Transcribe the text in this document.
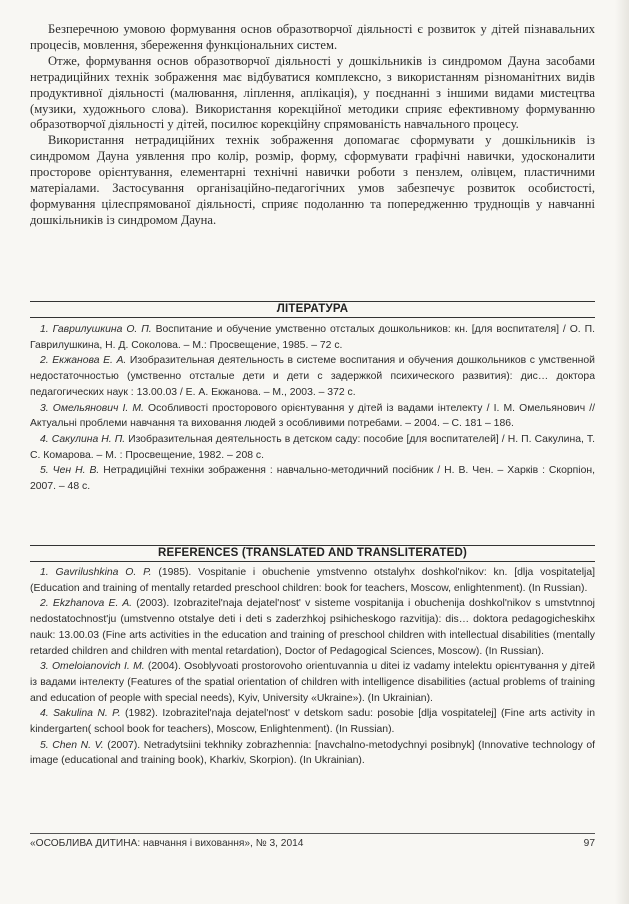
Безперечною умовою формування основ образотворчої діяльності є розвиток у дітей пізнавальних процесів, мовлення, збереження функціональних систем.

Отже, формування основ образотворчої діяльності у дошкільників із синдромом Дауна засобами нетрадиційних технік зображення має відбуватися комплексно, з використанням різноманітних видів продуктивної діяльності (малювання, ліплення, аплікація), у поєднанні з іншими видами мистецтва (музики, художнього слова). Використання корекційної методики сприяє ефективному формуванню образотворчої діяльності у дітей, посилює корекційну спрямованість навчального процесу.

Використання нетрадиційних технік зображення допомагає сформувати у дошкільників із синдромом Дауна уявлення про колір, розмір, форму, сформувати графічні навички, удосконалити просторове орієнтування, елементарні технічні навички роботи з пензлем, олівцем, пластичними матеріалами. Застосування організаційно-педагогічних умов забезпечує розвиток особистості, формування цілеспрямованої діяльності, сприяє подоланню та попередженню труднощів у навчанні дошкільників із синдромом Дауна.

ЛІТЕРАТУРА

1. Гаврилушкина О. П. Воспитание и обучение умственно отсталых дошкольников: кн. [для воспитателя] / О. П. Гаврилушкина, Н. Д. Соколова. – М.: Просвещение, 1985. – 72 с.

2. Екжанова Е. А. Изобразительная деятельность в системе воспитания и обучения дошкольников с умственной недостаточностью (умственно отсталые дети и дети с задержкой психического развития): дис… доктора педагогических наук : 13.00.03 / Е. А. Екжанова. – М., 2003. – 372 с.

3. Омельянович І. М. Особливості просторового орієнтування у дітей із вадами інтелекту / І. М. Омельянович // Актуальні проблеми навчання та виховання людей з особливими потребами. – 2004. – С. 181 – 186.

4. Сакулина Н. П. Изобразительная деятельность в детском саду: пособие [для воспитателей] / Н. П. Сакулина, Т. С. Комарова. – М. : Просвещение, 1982. – 208 с.

5. Чен Н. В. Нетрадиційні техніки зображення : навчально-методичний посібник / Н. В. Чен. – Харків : Скорпіон, 2007. – 48 с.

REFERENCES (TRANSLATED AND TRANSLITERATED)

1. Gavrilushkina O. P. (1985). Vospitanie i obuchenie ymstvenno otstalyhx doshkol'nikov: kn. [dlja vospitatelja] (Education and training of mentally retarded preschool children: book for teachers, Moscow, enlightenment). (In Russian).

2. Ekzhanova E. A. (2003). Izobrazitel'naja dejatel'nost' v sisteme vospitanija i obuchenija doshkol'nikov s umstvtnnoj nedostatochnost'ju (umstvenno otstalye deti i deti s zaderzhkoj psihicheskogo razvitija): dis… doktora pedagogicheskihx nauk: 13.00.03 (Fine arts activities in the education and training of preschool children with intellectual disabilities (mentally retarded children and children with mental retardation), Doctor of Pedagogical Sciences, Moscow). (In Russian).

3. Omeloianovich I. M. (2004). Osoblyvoati prostorovoho orientuvannia u ditei iz vadamy intelektu орієнтування у дітей із вадами інтелекту (Features of the spatial orientation of children with intelligence disabilities (actual problems of training and education of people with special needs), Kyiv, University «Ukraine»). (In Ukrainian).

4. Sakulina N. P. (1982). Izobrazitel'naja dejatel'nost' v detskom sadu: posobie [dlja vospitatelej] (Fine arts activity in kindergarten( school book for teachers), Moscow, Enlightenment). (In Russian).

5. Chen N. V. (2007). Netradytsiini tekhniky zobrazhennia: [navchalno-metodychnyi posibnyk] (Innovative technology of image (educational and training book), Kharkiv, Skorpion). (In Ukrainian).

«ОСОБЛИВА ДИТИНА: навчання і виховання», № 3, 2014	97
